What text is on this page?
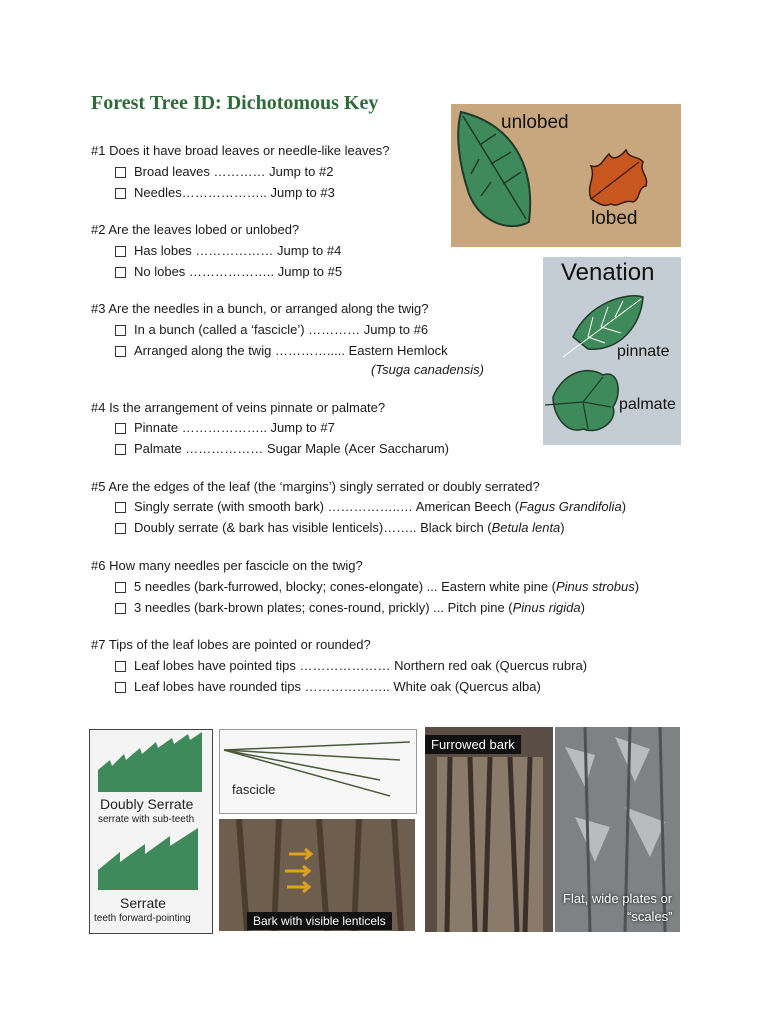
Forest Tree ID: Dichotomous Key
#1 Does it have broad leaves or needle-like leaves?
Broad leaves ………… Jump to #2
Needles……………….. Jump to #3
#2 Are the leaves lobed or unlobed?
Has lobes ……………… Jump to #4
No lobes ……………….. Jump to #5
#3 Are the needles in a bunch, or arranged along the twig?
In a bunch (called a ‘fascicle’) ………… Jump to #6
Arranged along the twig …………..... Eastern Hemlock
(Tsuga canadensis)
#4 Is the arrangement of veins pinnate or palmate?
Pinnate ……………….. Jump to #7
Palmate ……………… Sugar Maple (Acer Saccharum)
#5 Are the edges of the leaf (the ‘margins’) singly serrated or doubly serrated?
Singly serrate (with smooth bark) ……………..… American Beech (Fagus Grandifolia)
Doubly serrate (& bark has visible lenticels)…….. Black birch (Betula lenta)
#6 How many needles per fascicle on the twig?
5 needles (bark-furrowed, blocky; cones-elongate) ... Eastern white pine (Pinus strobus)
3 needles (bark-brown plates; cones-round, prickly) ... Pitch pine (Pinus rigida)
#7 Tips of the leaf lobes are pointed or rounded?
Leaf lobes have pointed tips ………………… Northern red oak (Quercus rubra)
Leaf lobes have rounded tips ……………….. White oak (Quercus alba)
unlobed
lobed
Venation
pinnate
palmate
Doubly Serrate
serrate with sub-teeth
Serrate
teeth forward-pointing
fascicle
Bark with visible lenticels
Furrowed bark
Flat, wide plates or
“scales”
